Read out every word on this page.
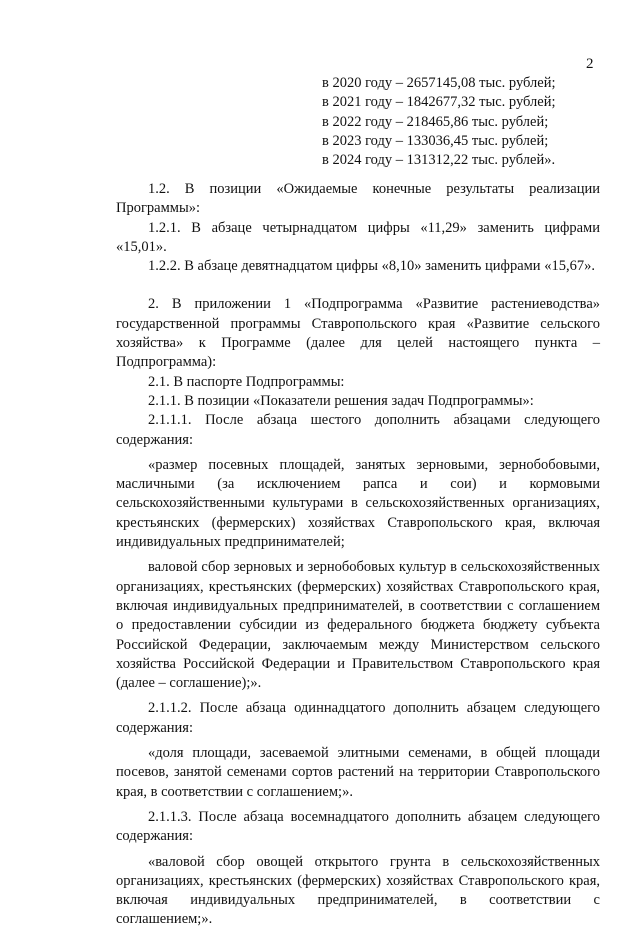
2
в 2020 году – 2657145,08 тыс. рублей;
в 2021 году – 1842677,32 тыс. рублей;
в 2022 году – 218465,86 тыс. рублей;
в 2023 году – 133036,45 тыс. рублей;
в 2024 году – 131312,22 тыс. рублей».

1.2. В позиции «Ожидаемые конечные результаты реализации Программы»:

1.2.1. В абзаце четырнадцатом цифры «11,29» заменить цифрами «15,01».

1.2.2. В абзаце девятнадцатом цифры «8,10» заменить цифрами «15,67».

2. В приложении 1 «Подпрограмма «Развитие растениеводства» государственной программы Ставропольского края «Развитие сельского хозяйства» к Программе (далее для целей настоящего пункта – Подпрограмма):

2.1. В паспорте Подпрограммы:

2.1.1. В позиции «Показатели решения задач Подпрограммы»:

2.1.1.1. После абзаца шестого дополнить абзацами следующего содержания:

«размер посевных площадей, занятых зерновыми, зернобобовыми, масличными (за исключением рапса и сои) и кормовыми сельскохозяйственными культурами в сельскохозяйственных организациях, крестьянских (фермерских) хозяйствах Ставропольского края, включая индивидуальных предпринимателей;

валовой сбор зерновых и зернобобовых культур в сельскохозяйственных организациях, крестьянских (фермерских) хозяйствах Ставропольского края, включая индивидуальных предпринимателей, в соответствии с соглашением о предоставлении субсидии из федерального бюджета бюджету субъекта Российской Федерации, заключаемым между Министерством сельского хозяйства Российской Федерации и Правительством Ставропольского края (далее – соглашение);».

2.1.1.2. После абзаца одиннадцатого дополнить абзацем следующего содержания:

«доля площади, засеваемой элитными семенами, в общей площади посевов, занятой семенами сортов растений на территории Ставропольского края, в соответствии с соглашением;».

2.1.1.3. После абзаца восемнадцатого дополнить абзацем следующего содержания:

«валовой сбор овощей открытого грунта в сельскохозяйственных организациях, крестьянских (фермерских) хозяйствах Ставропольского края, включая индивидуальных предпринимателей, в соответствии с соглашением;».
